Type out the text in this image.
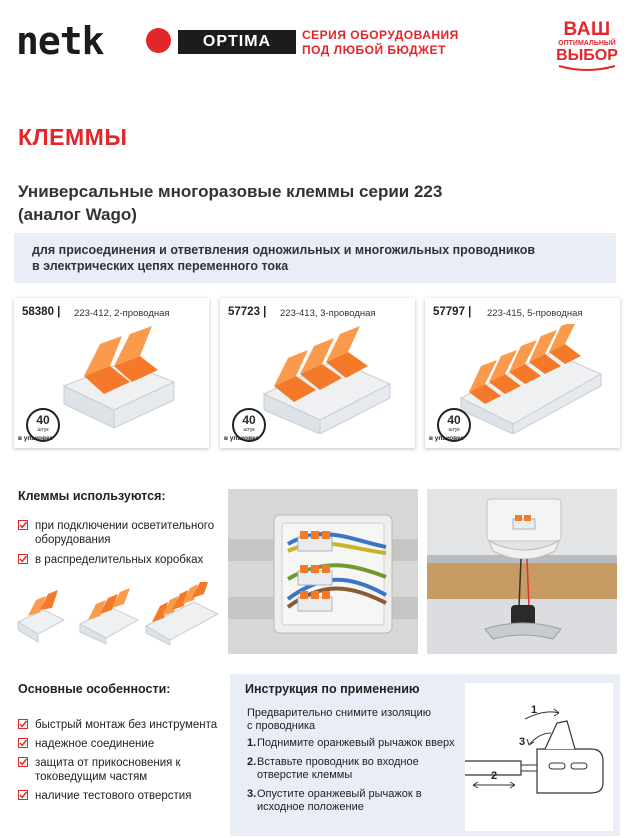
netk	OPTIMA	СЕРИЯ ОБОРУДОВАНИЯ
ПОД ЛЮБОЙ БЮДЖЕТ
ВАШ
ОПТИМАЛЬНЫЙ
ВЫБОР
КЛЕММЫ
Универсальные многоразовые клеммы серии 223
(аналог Wago)
для присоединения и ответвления одножильных и многожильных проводников
в электрических цепях переменного тока
58380 | 223-412, 2-проводная
40
штук
в упаковке
57723 | 223-413, 3-проводная
40
штук
в упаковке
57797 | 223-415, 5-проводная
40
штук
в упаковке
Клеммы используются:
при подключении осветительного оборудования
в распределительных коробках
Основные особенности:
быстрый монтаж без инструмента
надежное соединение
защита от прикосновения к токоведущим частям
наличие тестового отверстия
Инструкция по применению
Предварительно снимите изоляцию с проводника
1. Поднимите оранжевый рычажок вверх
2. Вставьте проводник во входное отверстие клеммы
3. Опустите оранжевый рычажок в исходное положение
1
2
3
